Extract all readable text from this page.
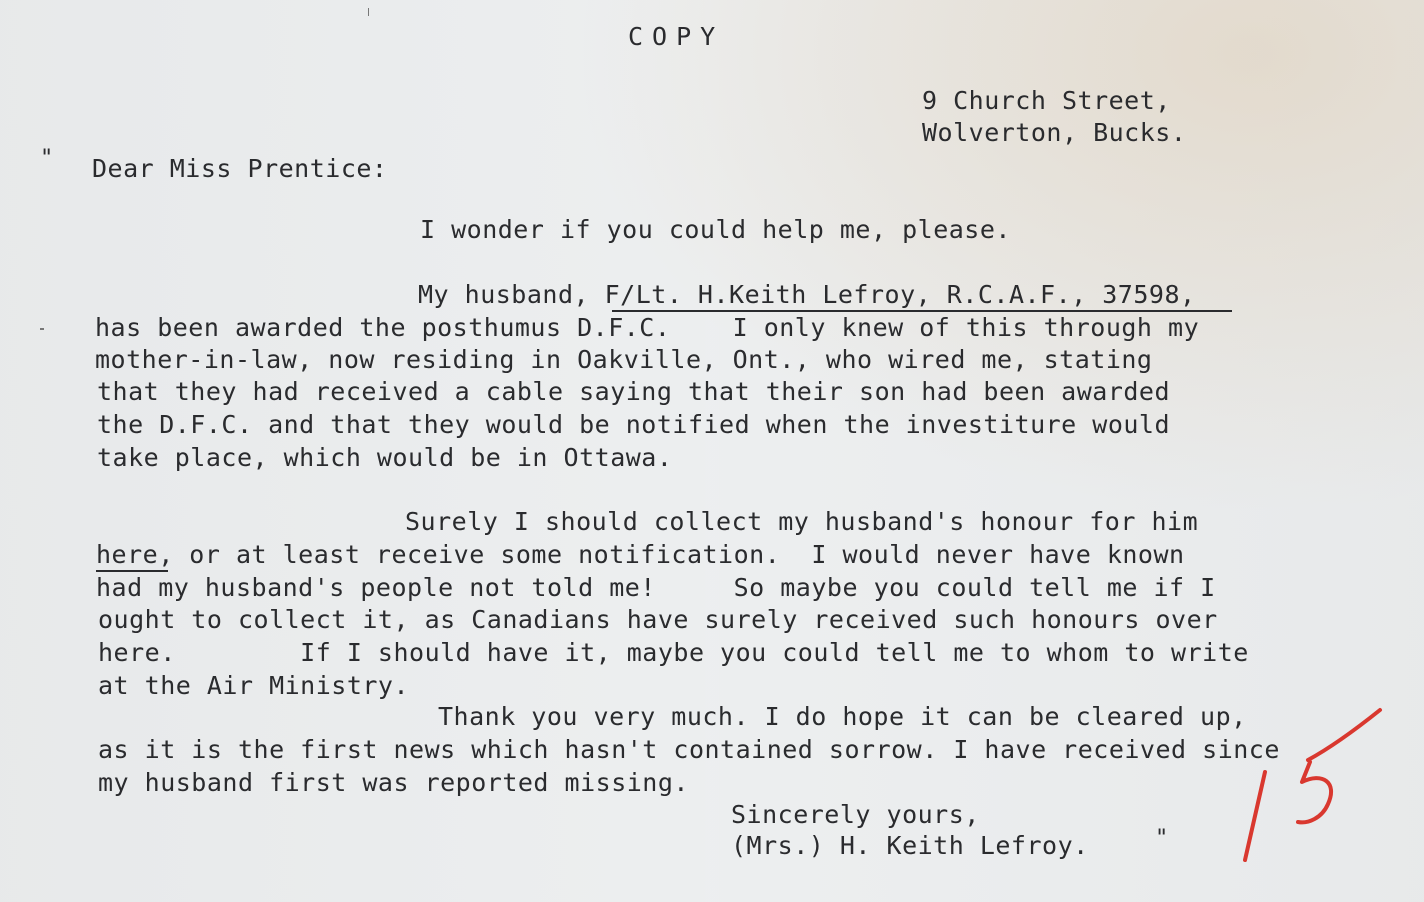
COPY
9 Church Street,
Wolverton, Bucks.
" Dear Miss Prentice:
I wonder if you could help me, please.
My husband, F/Lt. H.Keith Lefroy, R.C.A.F., 37598,
has been awarded the posthumus D.F.C.    I only knew of this through my
mother-in-law, now residing in Oakville, Ont., who wired me, stating
that they had received a cable saying that their son had been awarded
the D.F.C. and that they would be notified when the investiture would
take place, which would be in Ottawa.
Surely I should collect my husband's honour for him
here, or at least receive some notification.  I would never have known
had my husband's people not told me!     So maybe you could tell me if I
ought to collect it, as Canadians have surely received such honours over
here.        If I should have it, maybe you could tell me to whom to write
at the Air Ministry.
Thank you very much. I do hope it can be cleared up,
as it is the first news which hasn't contained sorrow. I have received since
my husband first was reported missing.
Sincerely yours,
(Mrs.) H. Keith Lefroy.	"
